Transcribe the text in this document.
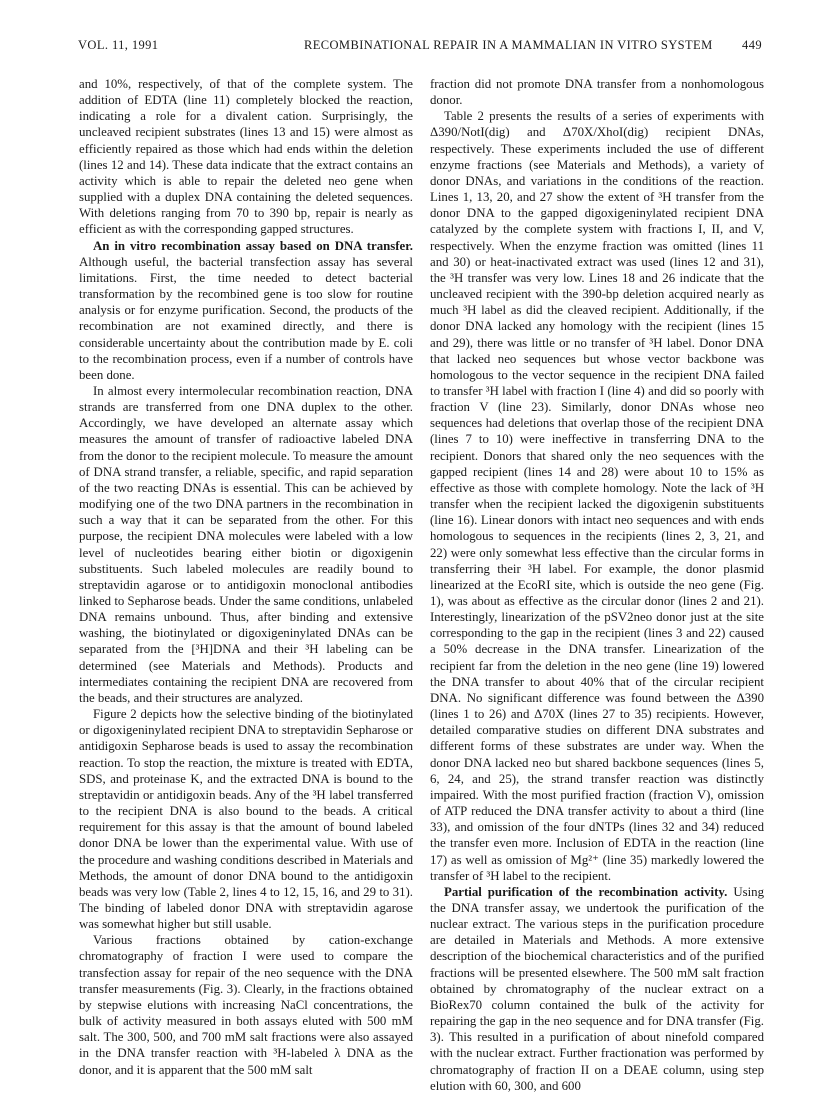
VOL. 11, 1991	RECOMBINATIONAL REPAIR IN A MAMMALIAN IN VITRO SYSTEM 449

and 10%, respectively, of that of the complete system. The addition of EDTA (line 11) completely blocked the reaction, indicating a role for a divalent cation. Surprisingly, the uncleaved recipient substrates (lines 13 and 15) were almost as efficiently repaired as those which had ends within the deletion (lines 12 and 14). These data indicate that the extract contains an activity which is able to repair the deleted neo gene when supplied with a duplex DNA containing the deleted sequences. With deletions ranging from 70 to 390 bp, repair is nearly as efficient as with the corresponding gapped structures.

An in vitro recombination assay based on DNA transfer. Although useful, the bacterial transfection assay has several limitations. First, the time needed to detect bacterial transformation by the recombined gene is too slow for routine analysis or for enzyme purification. Second, the products of the recombination are not examined directly, and there is considerable uncertainty about the contribution made by E. coli to the recombination process, even if a number of controls have been done.

In almost every intermolecular recombination reaction, DNA strands are transferred from one DNA duplex to the other. Accordingly, we have developed an alternate assay which measures the amount of transfer of radioactive labeled DNA from the donor to the recipient molecule. To measure the amount of DNA strand transfer, a reliable, specific, and rapid separation of the two reacting DNAs is essential. This can be achieved by modifying one of the two DNA partners in the recombination in such a way that it can be separated from the other. For this purpose, the recipient DNA molecules were labeled with a low level of nucleotides bearing either biotin or digoxigenin substituents. Such labeled molecules are readily bound to streptavidin agarose or to antidigoxin monoclonal antibodies linked to Sepharose beads. Under the same conditions, unlabeled DNA remains unbound. Thus, after binding and extensive washing, the biotinylated or digoxigeninylated DNAs can be separated from the [³H]DNA and their ³H labeling can be determined (see Materials and Methods). Products and intermediates containing the recipient DNA are recovered from the beads, and their structures are analyzed.

Figure 2 depicts how the selective binding of the biotinylated or digoxigeninylated recipient DNA to streptavidin Sepharose or antidigoxin Sepharose beads is used to assay the recombination reaction. To stop the reaction, the mixture is treated with EDTA, SDS, and proteinase K, and the extracted DNA is bound to the streptavidin or antidigoxin beads. Any of the ³H label transferred to the recipient DNA is also bound to the beads. A critical requirement for this assay is that the amount of bound labeled donor DNA be lower than the experimental value. With use of the procedure and washing conditions described in Materials and Methods, the amount of donor DNA bound to the antidigoxin beads was very low (Table 2, lines 4 to 12, 15, 16, and 29 to 31). The binding of labeled donor DNA with streptavidin agarose was somewhat higher but still usable.

Various fractions obtained by cation-exchange chromatography of fraction I were used to compare the transfection assay for repair of the neo sequence with the DNA transfer measurements (Fig. 3). Clearly, in the fractions obtained by stepwise elutions with increasing NaCl concentrations, the bulk of activity measured in both assays eluted with 500 mM salt. The 300, 500, and 700 mM salt fractions were also assayed in the DNA transfer reaction with ³H-labeled λ DNA as the donor, and it is apparent that the 500 mM salt

fraction did not promote DNA transfer from a nonhomologous donor.

Table 2 presents the results of a series of experiments with Δ390/NotI(dig) and Δ70X/XhoI(dig) recipient DNAs, respectively. These experiments included the use of different enzyme fractions (see Materials and Methods), a variety of donor DNAs, and variations in the conditions of the reaction. Lines 1, 13, 20, and 27 show the extent of ³H transfer from the donor DNA to the gapped digoxigeninylated recipient DNA catalyzed by the complete system with fractions I, II, and V, respectively. When the enzyme fraction was omitted (lines 11 and 30) or heat-inactivated extract was used (lines 12 and 31), the ³H transfer was very low. Lines 18 and 26 indicate that the uncleaved recipient with the 390-bp deletion acquired nearly as much ³H label as did the cleaved recipient. Additionally, if the donor DNA lacked any homology with the recipient (lines 15 and 29), there was little or no transfer of ³H label. Donor DNA that lacked neo sequences but whose vector backbone was homologous to the vector sequence in the recipient DNA failed to transfer ³H label with fraction I (line 4) and did so poorly with fraction V (line 23). Similarly, donor DNAs whose neo sequences had deletions that overlap those of the recipient DNA (lines 7 to 10) were ineffective in transferring DNA to the recipient. Donors that shared only the neo sequences with the gapped recipient (lines 14 and 28) were about 10 to 15% as effective as those with complete homology. Note the lack of ³H transfer when the recipient lacked the digoxigenin substituents (line 16). Linear donors with intact neo sequences and with ends homologous to sequences in the recipients (lines 2, 3, 21, and 22) were only somewhat less effective than the circular forms in transferring their ³H label. For example, the donor plasmid linearized at the EcoRI site, which is outside the neo gene (Fig. 1), was about as effective as the circular donor (lines 2 and 21). Interestingly, linearization of the pSV2neo donor just at the site corresponding to the gap in the recipient (lines 3 and 22) caused a 50% decrease in the DNA transfer. Linearization of the recipient far from the deletion in the neo gene (line 19) lowered the DNA transfer to about 40% that of the circular recipient DNA. No significant difference was found between the Δ390 (lines 1 to 26) and Δ70X (lines 27 to 35) recipients. However, detailed comparative studies on different DNA substrates and different forms of these substrates are under way. When the donor DNA lacked neo but shared backbone sequences (lines 5, 6, 24, and 25), the strand transfer reaction was distinctly impaired. With the most purified fraction (fraction V), omission of ATP reduced the DNA transfer activity to about a third (line 33), and omission of the four dNTPs (lines 32 and 34) reduced the transfer even more. Inclusion of EDTA in the reaction (line 17) as well as omission of Mg²⁺ (line 35) markedly lowered the transfer of ³H label to the recipient.

Partial purification of the recombination activity. Using the DNA transfer assay, we undertook the purification of the nuclear extract. The various steps in the purification procedure are detailed in Materials and Methods. A more extensive description of the biochemical characteristics and of the purified fractions will be presented elsewhere. The 500 mM salt fraction obtained by chromatography of the nuclear extract on a BioRex70 column contained the bulk of the activity for repairing the gap in the neo sequence and for DNA transfer (Fig. 3). This resulted in a purification of about ninefold compared with the nuclear extract. Further fractionation was performed by chromatography of fraction II on a DEAE column, using step elution with 60, 300, and 600
